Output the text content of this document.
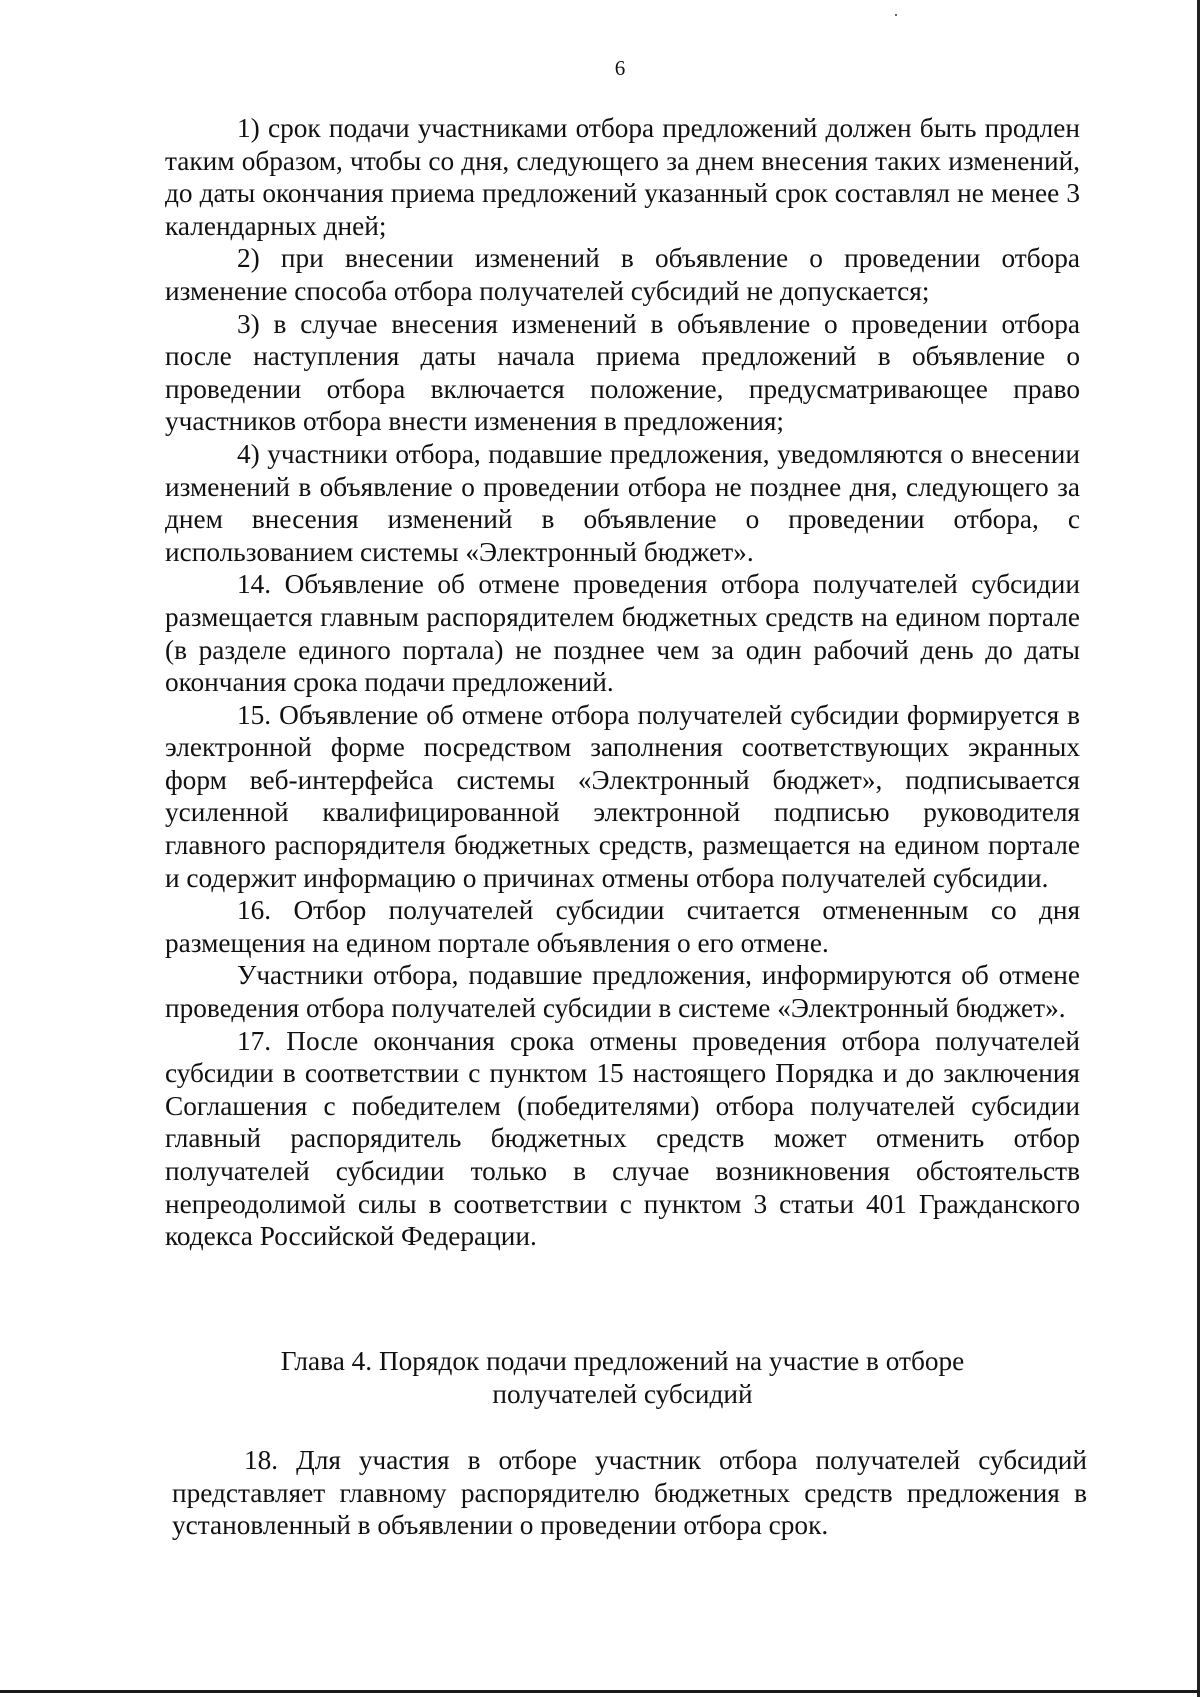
6

1) срок подачи участниками отбора предложений должен быть продлен таким образом, чтобы со дня, следующего за днем внесения таких изменений, до даты окончания приема предложений указанный срок составлял не менее 3 календарных дней;

2) при внесении изменений в объявление о проведении отбора изменение способа отбора получателей субсидий не допускается;

3) в случае внесения изменений в объявление о проведении отбора после наступления даты начала приема предложений в объявление о проведении отбора включается положение, предусматривающее право участников отбора внести изменения в предложения;

4) участники отбора, подавшие предложения, уведомляются о внесении изменений в объявление о проведении отбора не позднее дня, следующего за днем внесения изменений в объявление о проведении отбора, с использованием системы «Электронный бюджет».

14. Объявление об отмене проведения отбора получателей субсидии размещается главным распорядителем бюджетных средств на едином портале (в разделе единого портала) не позднее чем за один рабочий день до даты окончания срока подачи предложений.

15. Объявление об отмене отбора получателей субсидии формируется в электронной форме посредством заполнения соответствующих экранных форм веб-интерфейса системы «Электронный бюджет», подписывается усиленной квалифицированной электронной подписью руководителя главного распорядителя бюджетных средств, размещается на едином портале и содержит информацию о причинах отмены отбора получателей субсидии.

16. Отбор получателей субсидии считается отмененным со дня размещения на едином портале объявления о его отмене.

Участники отбора, подавшие предложения, информируются об отмене проведения отбора получателей субсидии в системе «Электронный бюджет».

17. После окончания срока отмены проведения отбора получателей субсидии в соответствии с пунктом 15 настоящего Порядка и до заключения Соглашения с победителем (победителями) отбора получателей субсидии главный распорядитель бюджетных средств может отменить отбор получателей субсидии только в случае возникновения обстоятельств непреодолимой силы в соответствии с пунктом 3 статьи 401 Гражданского кодекса Российской Федерации.

Глава 4. Порядок подачи предложений на участие в отборе

получателей субсидий

18. Для участия в отборе участник отбора получателей субсидий представляет главному распорядителю бюджетных средств предложения в установленный в объявлении о проведении отбора срок.
